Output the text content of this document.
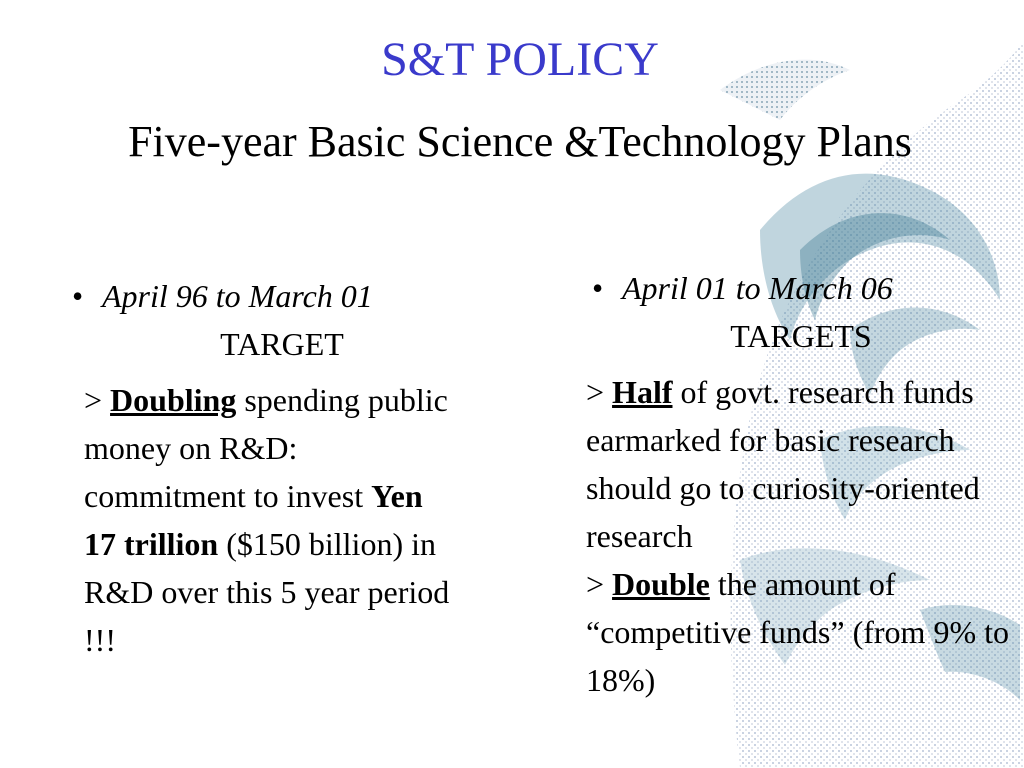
S&T POLICY
Five-year Basic Science &Technology Plans
• April 96 to March 01
TARGET

> Doubling spending public money on R&D: commitment to invest Yen 17 trillion ($150 billion) in R&D over this 5 year period !!!

• April 01 to March 06
TARGETS

> Half of govt. research funds earmarked for basic research should go to curiosity-oriented research

> Double the amount of “competitive funds” (from 9% to 18%)
